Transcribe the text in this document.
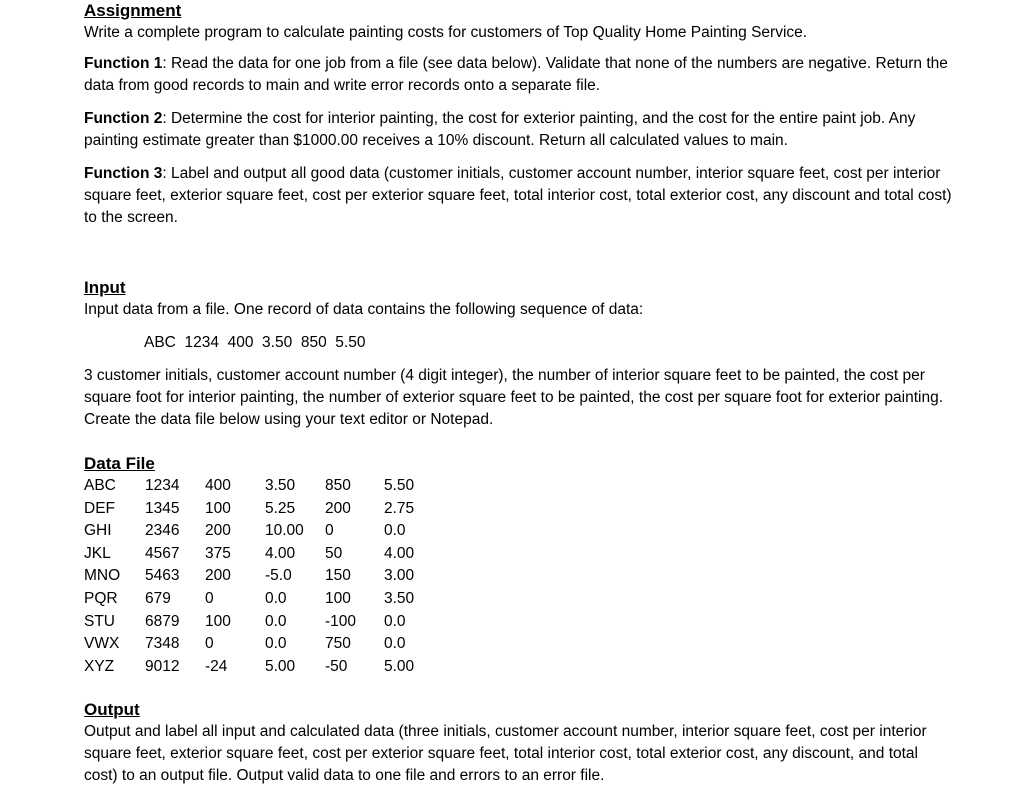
Assignment

Write a complete program to calculate painting costs for customers of Top Quality Home Painting Service.

Function 1: Read the data for one job from a file (see data below). Validate that none of the numbers are negative. Return the data from good records to main and write error records onto a separate file.

Function 2: Determine the cost for interior painting, the cost for exterior painting, and the cost for the entire paint job. Any painting estimate greater than $1000.00 receives a 10% discount. Return all calculated values to main.

Function 3: Label and output all good data (customer initials, customer account number, interior square feet, cost per interior square feet, exterior square feet, cost per exterior square feet, total interior cost, total exterior cost, any discount and total cost) to the screen.

Input

Input data from a file. One record of data contains the following sequence of data:

ABC  1234  400  3.50  850  5.50

3 customer initials, customer account number (4 digit integer), the number of interior square feet to be painted, the cost per square foot for interior painting, the number of exterior square feet to be painted, the cost per square foot for exterior painting. Create the data file below using your text editor or Notepad.

Data File

ABC	1234	400	3.50	850	5.50
DEF	1345	100	5.25	200	2.75
GHI	2346	200	10.00	0	0.0
JKL	4567	375	4.00	50	4.00
MNO	5463	200	-5.0	150	3.00
PQR	679	0	0.0	100	3.50
STU	6879	100	0.0	-100	0.0
VWX	7348	0	0.0	750	0.0
XYZ	9012	-24	5.00	-50	5.00

Output

Output and label all input and calculated data (three initials, customer account number, interior square feet, cost per interior square feet, exterior square feet, cost per exterior square feet, total interior cost, total exterior cost, any discount, and total cost) to an output file. Output valid data to one file and errors to an error file.
